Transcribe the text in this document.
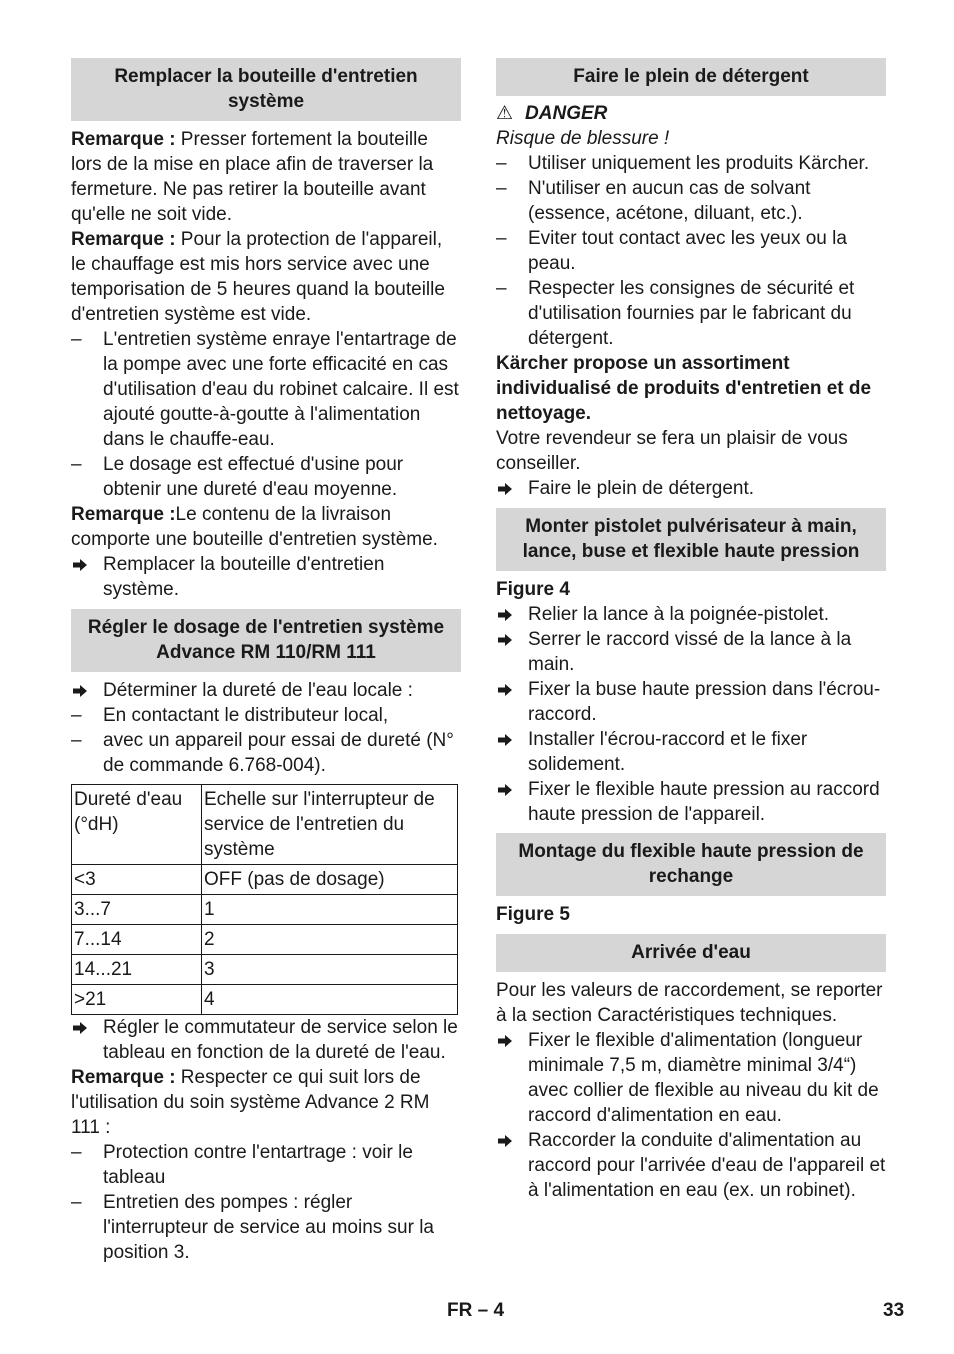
Remplacer la bouteille d'entretien système

Remarque : Presser fortement la bouteille lors de la mise en place afin de traverser la fermeture. Ne pas retirer la bouteille avant qu'elle ne soit vide.

Remarque : Pour la protection de l'appareil, le chauffage est mis hors service avec une temporisation de 5 heures quand la bouteille d'entretien système est vide.

–	L'entretien système enraye l'entartrage de la pompe avec une forte efficacité en cas d'utilisation d'eau du robinet calcaire. Il est ajouté goutte-à-goutte à l'alimentation dans le chauffe-eau.
–	Le dosage est effectué d'usine pour obtenir une dureté d'eau moyenne.

Remarque :Le contenu de la livraison comporte une bouteille d'entretien système.

Remplacer la bouteille d'entretien système.
Régler le dosage de l'entretien système Advance RM 110/RM 111
Déterminer la dureté de l'eau locale :
–	En contactant le distributeur local,
–	avec un appareil pour essai de dureté (N° de commande 6.768-004).
Dureté d'eau (°dH)	Echelle sur l'interrupteur de service de l'entretien du système
<3	OFF (pas de dosage)
3...7	1
7...14	2
14...21	3
>21	4
Régler le commutateur de service selon le tableau en fonction de la dureté de l'eau.

Remarque : Respecter ce qui suit lors de l'utilisation du soin système Advance 2 RM 111 :

–	Protection contre l'entartrage : voir le tableau
–	Entretien des pompes : régler l'interrupteur de service au moins sur la position 3.
Faire le plein de détergent

⚠ DANGER

Risque de blessure !

–	Utiliser uniquement les produits Kärcher.
–	N'utiliser en aucun cas de solvant (essence, acétone, diluant, etc.).
–	Eviter tout contact avec les yeux ou la peau.
–	Respecter les consignes de sécurité et d'utilisation fournies par le fabricant du détergent.

Kärcher propose un assortiment individualisé de produits d'entretien et de nettoyage.

Votre revendeur se fera un plaisir de vous conseiller.

Faire le plein de détergent.
Monter pistolet pulvérisateur à main, lance, buse et flexible haute pression

Figure 4

Relier la lance à la poignée-pistolet.
Serrer le raccord vissé de la lance à la main.
Fixer la buse haute pression dans l'écrou-raccord.
Installer l'écrou-raccord et le fixer solidement.
Fixer le flexible haute pression au raccord haute pression de l'appareil.
Montage du flexible haute pression de rechange

Figure 5

Arrivée d'eau

Pour les valeurs de raccordement, se reporter à la section Caractéristiques techniques.

Fixer le flexible d'alimentation (longueur minimale 7,5 m, diamètre minimal 3/4“) avec collier de flexible au niveau du kit de raccord d'alimentation en eau.
Raccorder la conduite d'alimentation au raccord pour l'arrivée d'eau de l'appareil et à l'alimentation en eau (ex. un robinet).
FR – 4	33
